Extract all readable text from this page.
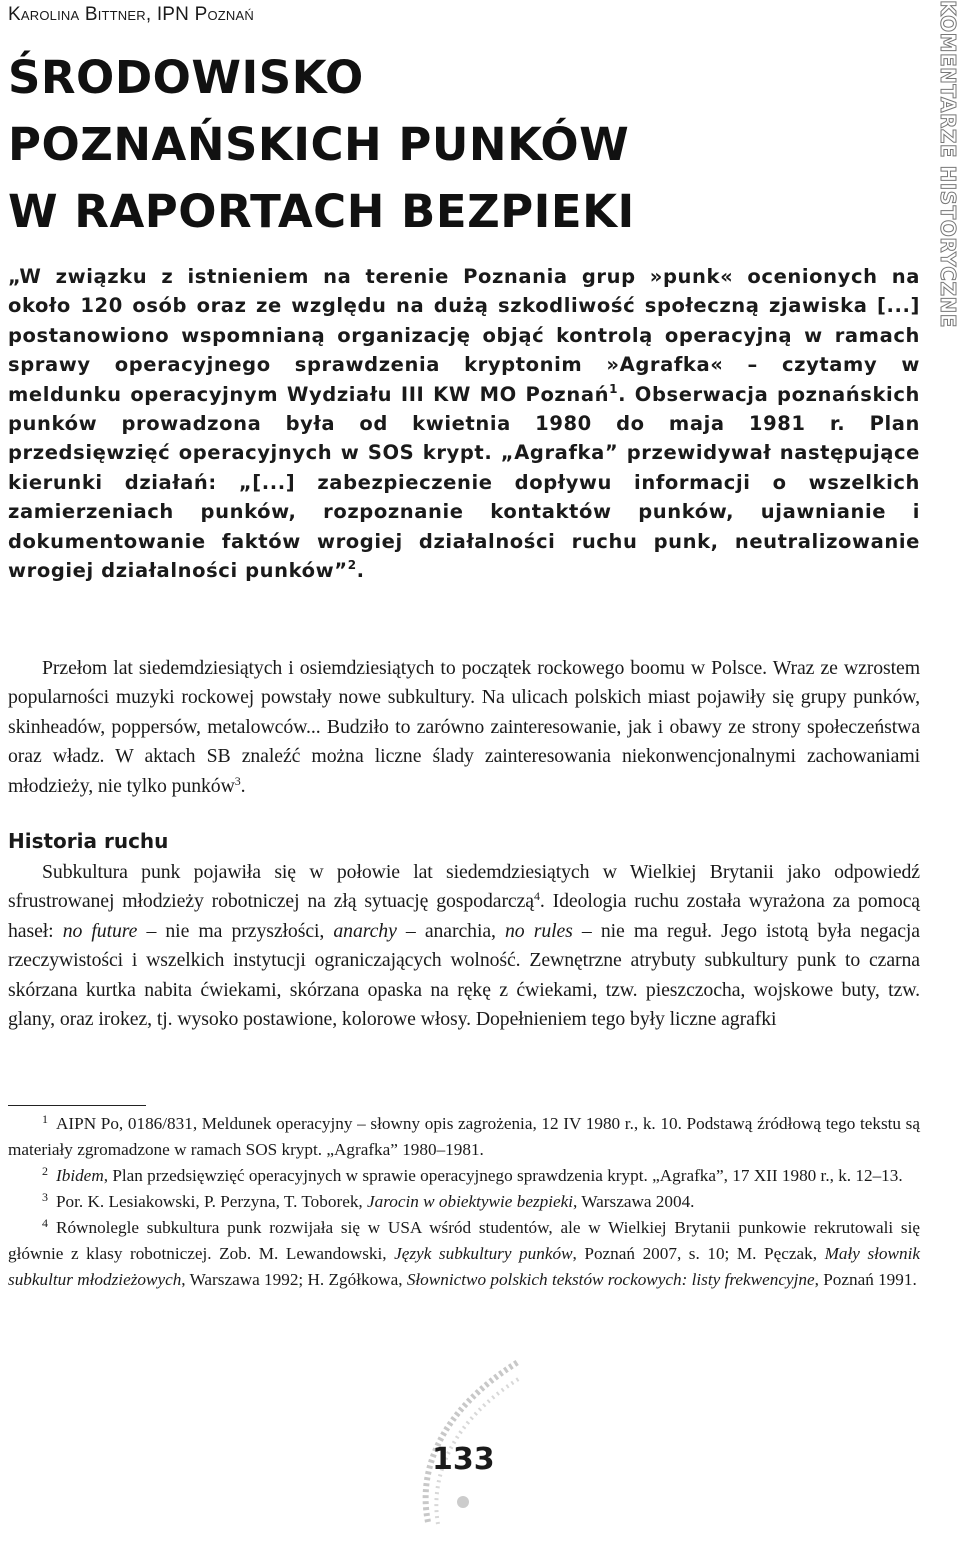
Karolina Bittner, IPN Poznań
ŚRODOWISKO
POZNAŃSKICH PUNKÓW
W RAPORTACH BEZPIEKI	KOMENTARZE HISTORYCZNE
„W związku z istnieniem na terenie Poznania grup »punk« ocenionych na około 120 osób oraz ze względu na dużą szkodliwość społeczną zjawiska [...] postanowiono wspomnianą organizację objąć kontrolą operacyjną w ramach sprawy operacyjnego sprawdzenia kryptonim »Agrafka« – czytamy w meldunku operacyjnym Wydziału III KW MO Poznań$^1$. Obserwacja poznańskich punków prowadzona była od kwietnia 1980 do maja 1981 r. Plan przedsięwzięć operacyjnych w SOS krypt. „Agrafka” przewidywał następujące kierunki działań: „[...] zabezpieczenie dopływu informacji o wszelkich zamierzeniach punków, rozpoznanie kontaktów punków, ujawnianie i dokumentowanie faktów wrogiej działalności ruchu punk, neutralizowanie wrogiej działalności punków”$^2$.

Przełom lat siedemdziesiątych i osiemdziesiątych to początek rockowego boomu w Polsce. Wraz ze wzrostem popularności muzyki rockowej powstały nowe subkultury. Na ulicach polskich miast pojawiły się grupy punków, skinheadów, poppersów, metalowców... Budziło to zarówno zainteresowanie, jak i obawy ze strony społeczeństwa oraz władz. W aktach SB znaleźć można liczne ślady zainteresowania niekonwencjonalnymi zachowaniami młodzieży, nie tylko punków$^3$.

Historia ruchu

Subkultura punk pojawiła się w połowie lat siedemdziesiątych w Wielkiej Brytanii jako odpowiedź sfrustrowanej młodzieży robotniczej na złą sytuację gospodarczą$^4$. Ideologia ruchu została wyrażona za pomocą haseł: no future – nie ma przyszłości, anarchy – anarchia, no rules – nie ma reguł. Jego istotą była negacja rzeczywistości i wszelkich instytucji ograniczających wolność. Zewnętrzne atrybuty subkultury punk to czarna skórzana kurtka nabita ćwiekami, skórzana opaska na rękę z ćwiekami, tzw. pieszczocha, wojskowe buty, tzw. glany, oraz irokez, tj. wysoko postawione, kolorowe włosy. Dopełnieniem tego były liczne agrafki

$^1$ AIPN Po, 0186/831, Meldunek operacyjny – słowny opis zagrożenia, 12 IV 1980 r., k. 10. Podstawą źródłową tego tekstu są materiały zgromadzone w ramach SOS krypt. „Agrafka” 1980–1981.

$^2$ Ibidem, Plan przedsięwzięć operacyjnych w sprawie operacyjnego sprawdzenia krypt. „Agrafka”, 17 XII 1980 r., k. 12–13.

$^3$ Por. K. Lesiakowski, P. Perzyna, T. Toborek, Jarocin w obiektywie bezpieki, Warszawa 2004.

$^4$ Równolegle subkultura punk rozwijała się w USA wśród studentów, ale w Wielkiej Brytanii punkowie rekrutowali się głównie z klasy robotniczej. Zob. M. Lewandowski, Język subkultury punków, Poznań 2007, s. 10; M. Pęczak, Mały słownik subkultur młodzieżowych, Warszawa 1992; H. Zgółkowa, Słownictwo polskich tekstów rockowych: listy frekwencyjne, Poznań 1991.

133
